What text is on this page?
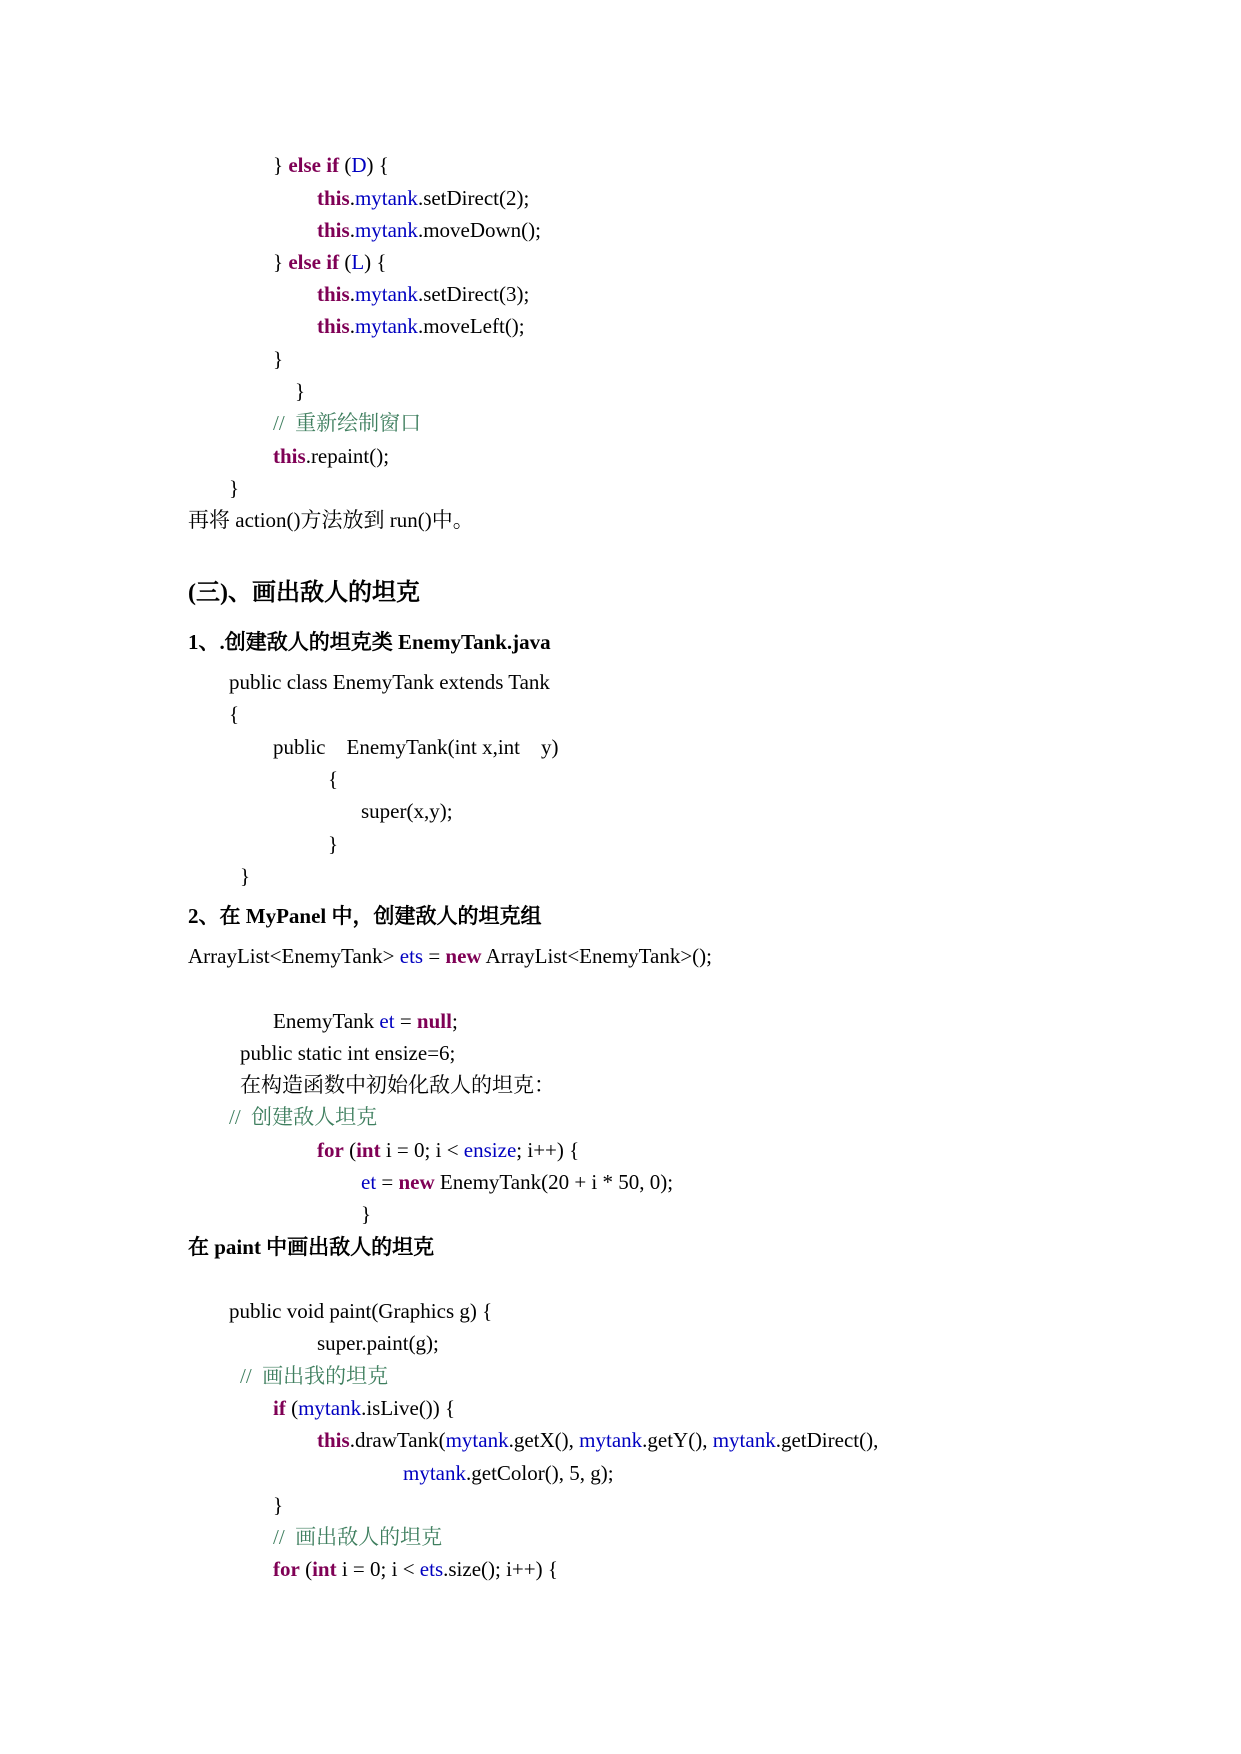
} else if (D) {
this.mytank.setDirect(2);
this.mytank.moveDown();
} else if (L) {
this.mytank.setDirect(3);
this.mytank.moveLeft();
}
}
//  重新绘制窗口
this.repaint();
}
再将 action()方法放到 run()中。
(三)、画出敌人的坦克
1、.创建敌人的坦克类 EnemyTank.java
public class EnemyTank extends Tank
{
public    EnemyTank(int x,int    y)
{
super(x,y);
}
}
2、在 MyPanel 中，创建敌人的坦克组
ArrayList<EnemyTank> ets = new ArrayList<EnemyTank>();
EnemyTank et = null;
public static int ensize=6;
在构造函数中初始化敌人的坦克：
//  创建敌人坦克
for (int i = 0; i < ensize; i++) {
et = new EnemyTank(20 + i * 50, 0);
}
在 paint 中画出敌人的坦克
public void paint(Graphics g) {
super.paint(g);
//  画出我的坦克
if (mytank.isLive()) {
this.drawTank(mytank.getX(), mytank.getY(), mytank.getDirect(),
mytank.getColor(), 5, g);
}
//  画出敌人的坦克
for (int i = 0; i < ets.size(); i++) {
